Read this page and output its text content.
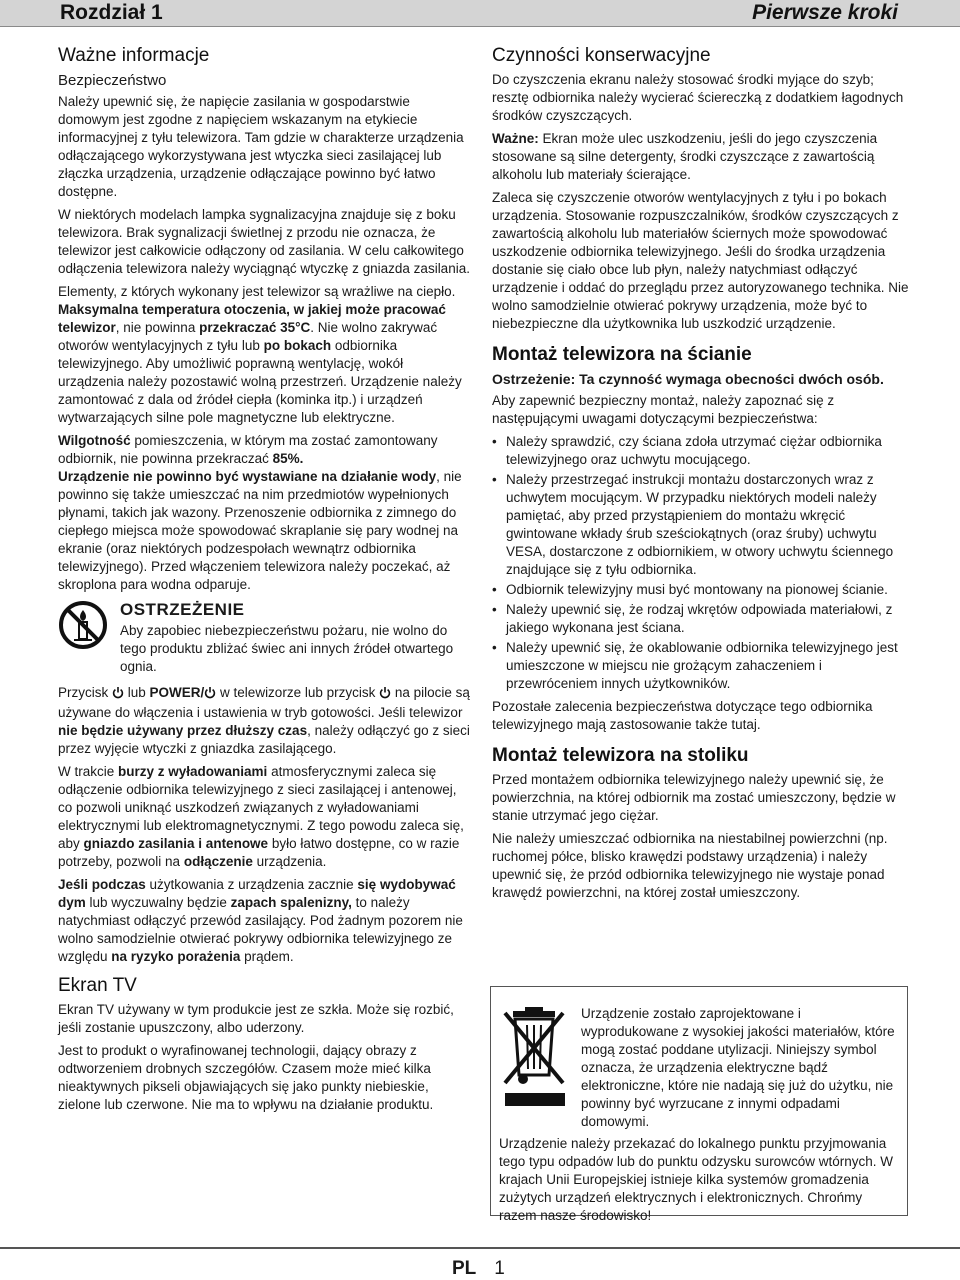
Rozdział 1	Pierwsze kroki
Ważne informacje
Bezpieczeństwo

Należy upewnić się, że napięcie zasilania w gospodarstwie domowym jest zgodne z napięciem wskazanym na etykiecie informacyjnej z tyłu telewizora. Tam gdzie w charakterze urządzenia odłączającego wykorzystywana jest wtyczka sieci zasilającej lub złączka urządzenia, urządzenie odłączające powinno być łatwo dostępne.

W niektórych modelach lampka sygnalizacyjna znajduje się z boku telewizora. Brak sygnalizacji świetlnej z przodu nie oznacza, że telewizor jest całkowicie odłączony od zasilania. W celu całkowitego odłączenia telewizora należy wyciągnąć wtyczkę z gniazda zasilania.

Elementy, z których wykonany jest telewizor są wrażliwe na ciepło. Maksymalna temperatura otoczenia, w jakiej może pracować telewizor, nie powinna przekraczać 35°C. Nie wolno zakrywać otworów wentylacyjnych z tyłu lub po bokach odbiornika telewizyjnego. Aby umożliwić poprawną wentylację, wokół urządzenia należy pozostawić wolną przestrzeń. Urządzenie należy zamontować z dala od źródeł ciepła (kominka itp.) i urządzeń wytwarzających silne pole magnetyczne lub elektryczne.

Wilgotność pomieszczenia, w którym ma zostać zamontowany odbiornik, nie powinna przekraczać 85%.
Urządzenie nie powinno być wystawiane na działanie wody, nie powinno się także umieszczać na nim przedmiotów wypełnionych płynami, takich jak wazony. Przenoszenie odbiornika z zimnego do ciepłego miejsca może spowodować skraplanie się pary wodnej na ekranie (oraz niektórych podzespołach wewnątrz odbiornika telewizyjnego). Przed włączeniem telewizora należy poczekać, aż skroplona para wodna odparuje.

OSTRZEŻENIE

Aby zapobiec niebezpieczeństwu pożaru, nie wolno do tego produktu zbliżać świec ani innych źródeł otwartego ognia.

Przycisk  lub POWER/ w telewizorze lub przycisk  na pilocie są używane do włączenia i ustawienia w tryb gotowości. Jeśli telewizor nie będzie używany przez dłuższy czas, należy odłączyć go z sieci przez wyjęcie wtyczki z gniazdka zasilającego.

W trakcie burzy z wyładowaniami atmosferycznymi zaleca się odłączenie odbiornika telewizyjnego z sieci zasilającej i antenowej, co pozwoli uniknąć uszkodzeń związanych z wyładowaniami elektrycznymi lub elektromagnetycznymi. Z tego powodu zaleca się, aby gniazdo zasilania i antenowe było łatwo dostępne, co w razie potrzeby, pozwoli na odłączenie urządzenia.

Jeśli podczas użytkowania z urządzenia zacznie się wydobywać dym lub wyczuwalny będzie zapach spalenizny, to należy natychmiast odłączyć przewód zasilający. Pod żadnym pozorem nie wolno samodzielnie otwierać pokrywy odbiornika telewizyjnego ze względu na ryzyko porażenia prądem.

Ekran TV

Ekran TV używany w tym produkcie jest ze szkła. Może się rozbić, jeśli zostanie upuszczony, albo uderzony.

Jest to produkt o wyrafinowanej technologii, dający obrazy z odtworzeniem drobnych szczegółów. Czasem może mieć kilka nieaktywnych pikseli objawiających się jako punkty niebieskie, zielone lub czerwone. Nie ma to wpływu na działanie produktu.

Czynności konserwacyjne

Do czyszczenia ekranu należy stosować środki myjące do szyb; resztę odbiornika należy wycierać ściereczką z dodatkiem łagodnych środków czyszczących.

Ważne: Ekran może ulec uszkodzeniu, jeśli do jego czyszczenia stosowane są silne detergenty, środki czyszczące z zawartością alkoholu lub materiały ścierające.

Zaleca się czyszczenie otworów wentylacyjnych z tyłu i po bokach urządzenia. Stosowanie rozpuszczalników, środków czyszczących z zawartością alkoholu lub materiałów ściernych może spowodować uszkodzenie odbiornika telewizyjnego. Jeśli do środka urządzenia dostanie się ciało obce lub płyn, należy natychmiast odłączyć urządzenie i oddać do przeglądu przez autoryzowanego technika. Nie wolno samodzielnie otwierać pokrywy urządzenia, może być to niebezpieczne dla użytkownika lub uszkodzić urządzenie.

Montaż telewizora na ścianie
Ostrzeżenie: Ta czynność wymaga obecności dwóch osób.

Aby zapewnić bezpieczny montaż, należy zapoznać się z następującymi uwagami dotyczącymi bezpieczeństwa:

• Należy sprawdzić, czy ściana zdoła utrzymać ciężar odbiornika telewizyjnego oraz uchwytu mocującego.
• Należy przestrzegać instrukcji montażu dostarczonych wraz z uchwytem mocującym. W przypadku niektórych modeli należy pamiętać, aby przed przystąpieniem do montażu wkręcić gwintowane wkłady śrub sześciokątnych (oraz śruby) uchwytu VESA, dostarczone z odbiornikiem, w otwory uchwytu ściennego znajdujące się z tyłu odbiornika.
• Odbiornik telewizyjny musi być montowany na pionowej ścianie.
• Należy upewnić się, że rodzaj wkrętów odpowiada materiałowi, z jakiego wykonana jest ściana.
• Należy upewnić się, że okablowanie odbiornika telewizyjnego jest umieszczone w miejscu nie grożącym zahaczeniem i przewróceniem innych użytkowników.

Pozostałe zalecenia bezpieczeństwa dotyczące tego odbiornika telewizyjnego mają zastosowanie także tutaj.

Montaż telewizora na stoliku

Przed montażem odbiornika telewizyjnego należy upewnić się, że powierzchnia, na której odbiornik ma zostać umieszczony, będzie w stanie utrzymać jego ciężar.

Nie należy umieszczać odbiornika na niestabilnej powierzchni (np. ruchomej półce, blisko krawędzi podstawy urządzenia) i należy upewnić się, że przód odbiornika telewizyjnego nie wystaje ponad krawędź powierzchni, na której został umieszczony.

Urządzenie zostało zaprojektowane i wyprodukowane z wysokiej jakości materiałów, które mogą zostać poddane utylizacji. Niniejszy symbol oznacza, że urządzenia elektryczne bądź elektroniczne, które nie nadają się już do użytku, nie powinny być wyrzucane z innymi odpadami domowymi.
Urządzenie należy przekazać do lokalnego punktu przyjmowania tego typu odpadów lub do punktu odzysku surowców wtórnych. W krajach Unii Europejskiej istnieje kilka systemów gromadzenia zużytych urządzeń elektrycznych i elektronicznych. Chrońmy razem nasze środowisko!
PL 1
